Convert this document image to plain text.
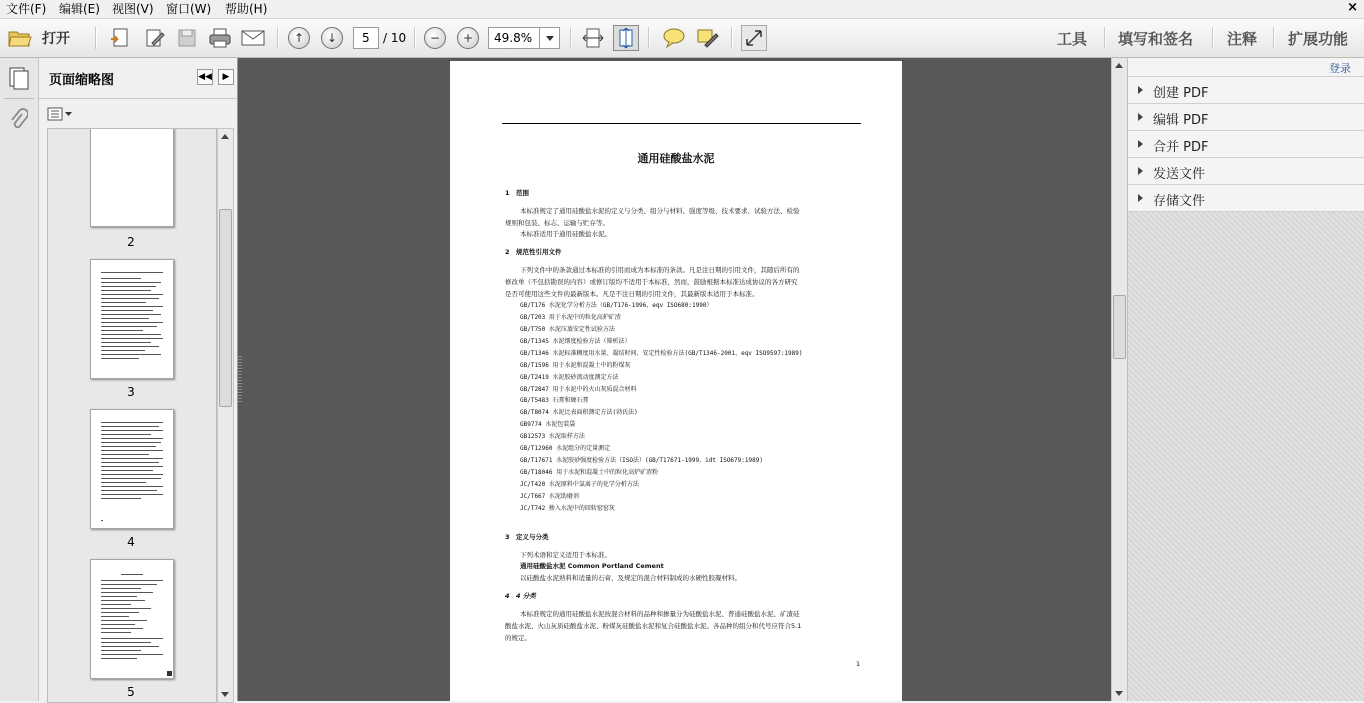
文件(F) 编辑(E) 视图(V) 窗口(W) 帮助(H)	×
打开	↑	↓	5	/ 10	−	+	49.8%	工具 填写和签名 注释 扩展功能
页面缩略图	◀◀	▶
2
3
4
5
通用硅酸盐水泥
1　范围
本标准规定了通用硅酸盐水泥的定义与分类、组分与材料、强度等级、技术要求、试验方法、检验
规则和包装、标志、运输与贮存等。
本标准适用于通用硅酸盐水泥。
2　规范性引用文件
下列文件中的条款通过本标准的引用而成为本标准的条款。凡是注日期的引用文件，其随后所有的
修改单（不包括勘误的内容）或修订版均不适用于本标准，然而，鼓励根据本标准达成协议的各方研究
是否可使用这些文件的最新版本。凡是不注日期的引用文件，其最新版本适用于本标准。
GB/T176 水泥化学分析方法（GB/T176-1996，eqv ISO680:1990）
GB/T203 用于水泥中的粒化高炉矿渣
GB/T750 水泥压蒸安定性试验方法
GB/T1345 水泥细度检验方法（筛析法）
GB/T1346 水泥标准稠度用水量、凝结时间、安定性检验方法(GB/T1346-2001，eqv ISO9597:1989)
GB/T1596 用于水泥和混凝土中的粉煤灰
GB/T2419 水泥胶砂流动度测定方法
GB/T2847 用于水泥中的火山灰质混合材料
GB/T5483 石膏和硬石膏
GB/T8074 水泥比表面积测定方法(勃氏法)
GB9774 水泥包装袋
GB12573 水泥取样方法
GB/T12960 水泥组分的定量测定
GB/T17671 水泥胶砂强度检验方法（ISO法）(GB/T17671-1999，idt ISO679:1989)
GB/T18046 用于水泥和混凝土中的粒化高炉矿渣粉
JC/T420 水泥原料中氯离子的化学分析方法
JC/T667 水泥助磨剂
JC/T742 掺入水泥中的回转窑窑灰
3　定义与分类
下列术语和定义适用于本标准。
通用硅酸盐水泥 Common Portland Cement
以硅酸盐水泥熟料和适量的石膏、及规定的混合材料制成的水硬性胶凝材料。
4　4 分类
本标准规定的通用硅酸盐水泥按混合材料的品种和掺量分为硅酸盐水泥、普通硅酸盐水泥、矿渣硅
酸盐水泥、火山灰质硅酸盐水泥、粉煤灰硅酸盐水泥和复合硅酸盐水泥。各品种的组分和代号应符合5.1
的规定。
1
登录
创建 PDF
编辑 PDF
合并 PDF
发送文件
存储文件
